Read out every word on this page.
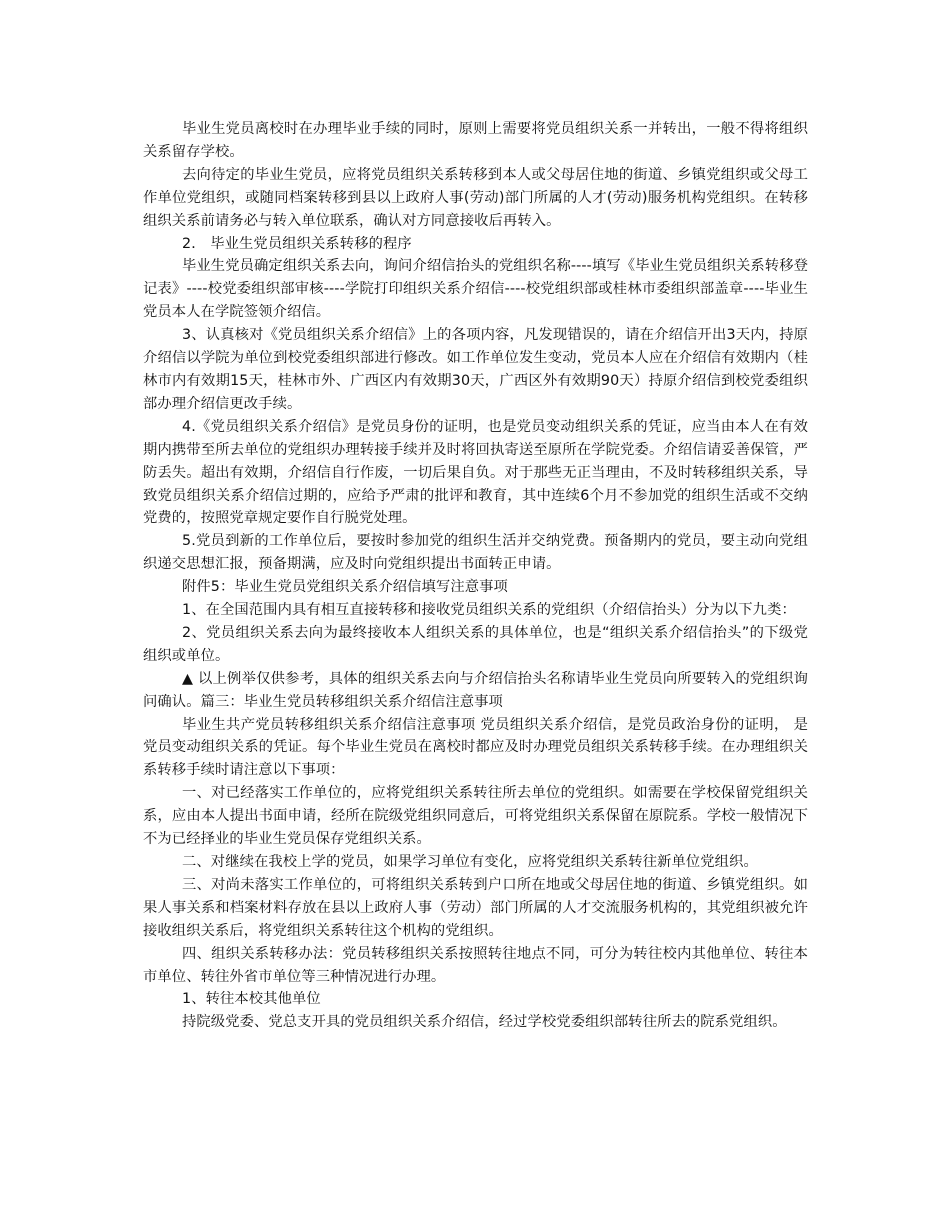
毕业生党员离校时在办理毕业手续的同时，原则上需要将党员组织关系一并转出，一般不得将组织关系留存学校。

去向待定的毕业生党员，应将党员组织关系转移到本人或父母居住地的街道、乡镇党组织或父母工作单位党组织，或随同档案转移到县以上政府人事(劳动)部门所属的人才(劳动)服务机构党组织。在转移组织关系前请务必与转入单位联系，确认对方同意接收后再转入。

2． 毕业生党员组织关系转移的程序

毕业生党员确定组织关系去向，询问介绍信抬头的党组织名称----填写《毕业生党员组织关系转移登记表》----校党委组织部审核----学院打印组织关系介绍信----校党组织部或桂林市委组织部盖章----毕业生党员本人在学院签领介绍信。

3、认真核对《党员组织关系介绍信》上的各项内容，凡发现错误的，请在介绍信开出3天内，持原介绍信以学院为单位到校党委组织部进行修改。如工作单位发生变动，党员本人应在介绍信有效期内（桂林市内有效期15天，桂林市外、广西区内有效期30天，广西区外有效期90天）持原介绍信到校党委组织部办理介绍信更改手续。

4.《党员组织关系介绍信》是党员身份的证明，也是党员变动组织关系的凭证，应当由本人在有效期内携带至所去单位的党组织办理转接手续并及时将回执寄送至原所在学院党委。介绍信请妥善保管，严防丢失。超出有效期，介绍信自行作废，一切后果自负。对于那些无正当理由，不及时转移组织关系，导致党员组织关系介绍信过期的，应给予严肃的批评和教育，其中连续6个月不参加党的组织生活或不交纳党费的，按照党章规定要作自行脱党处理。

5.党员到新的工作单位后，要按时参加党的组织生活并交纳党费。预备期内的党员，要主动向党组织递交思想汇报，预备期满，应及时向党组织提出书面转正申请。

附件5：毕业生党员党组织关系介绍信填写注意事项

1、在全国范围内具有相互直接转移和接收党员组织关系的党组织（介绍信抬头）分为以下九类：

2、党员组织关系去向为最终接收本人组织关系的具体单位，也是“组织关系介绍信抬头”的下级党组织或单位。

▲ 以上例举仅供参考，具体的组织关系去向与介绍信抬头名称请毕业生党员向所要转入的党组织询问确认。篇三：毕业生党员转移组织关系介绍信注意事项

毕业生共产党员转移组织关系介绍信注意事项 党员组织关系介绍信，是党员政治身份的证明， 是党员变动组织关系的凭证。每个毕业生党员在离校时都应及时办理党员组织关系转移手续。在办理组织关系转移手续时请注意以下事项：

一、对已经落实工作单位的，应将党组织关系转往所去单位的党组织。如需要在学校保留党组织关系，应由本人提出书面申请，经所在院级党组织同意后，可将党组织关系保留在原院系。学校一般情况下不为已经择业的毕业生党员保存党组织关系。

二、对继续在我校上学的党员，如果学习单位有变化，应将党组织关系转往新单位党组织。

三、对尚未落实工作单位的，可将组织关系转到户口所在地或父母居住地的街道、乡镇党组织。如果人事关系和档案材料存放在县以上政府人事（劳动）部门所属的人才交流服务机构的，其党组织被允许接收组织关系后，将党组织关系转往这个机构的党组织。

四、组织关系转移办法：党员转移组织关系按照转往地点不同，可分为转往校内其他单位、转往本市单位、转往外省市单位等三种情况进行办理。

1、转往本校其他单位

持院级党委、党总支开具的党员组织关系介绍信，经过学校党委组织部转往所去的院系党组织。
